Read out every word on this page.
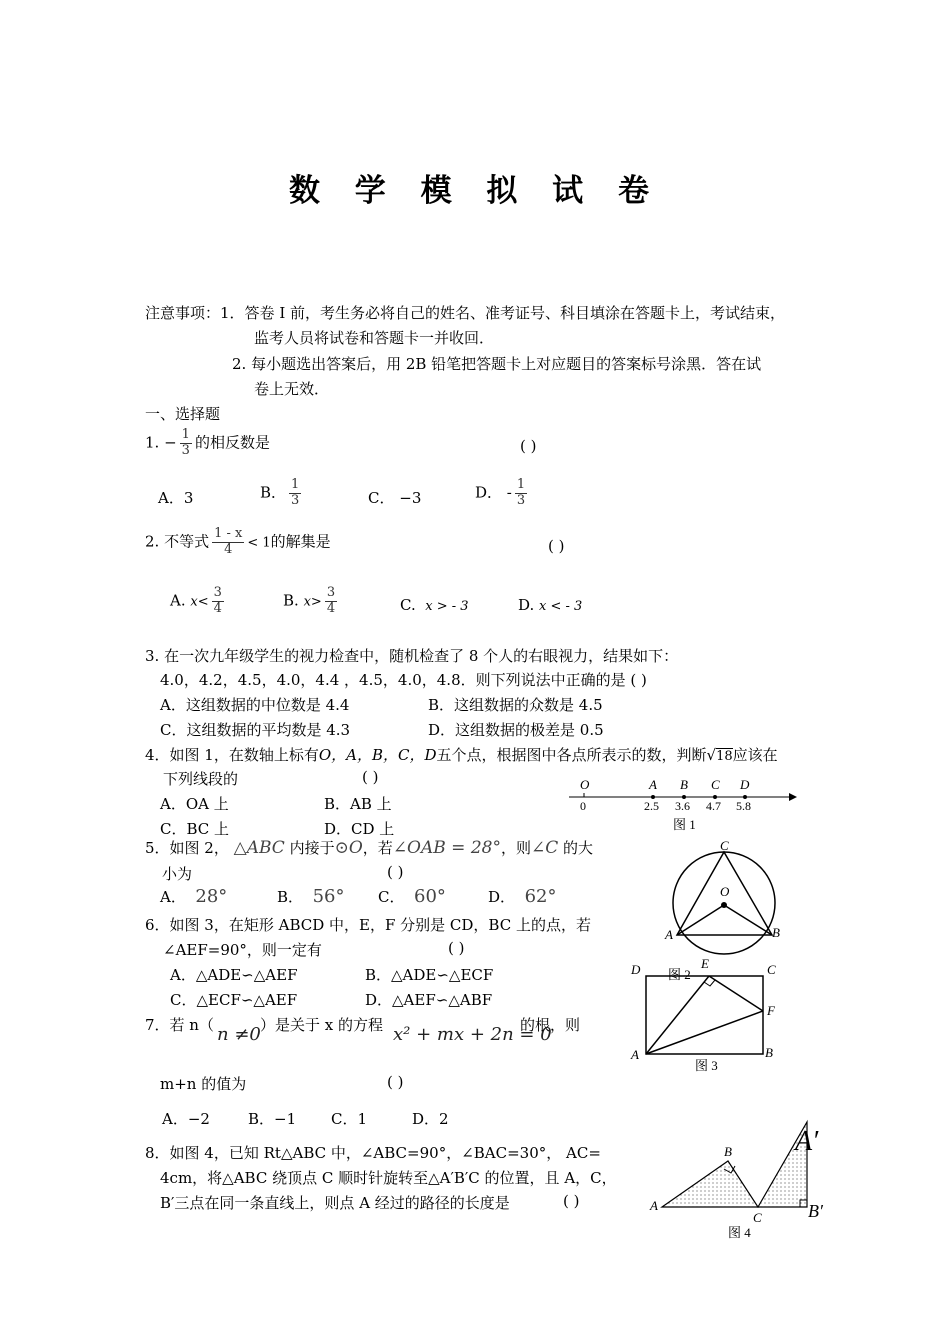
数 学 模 拟 试 卷
注意事项：1．答卷 I 前，考生务必将自己的姓名、准考证号、科目填涂在答题卡上，考试结束，
监考人员将试卷和答题卡一并收回．
2. 每小题选出答案后，用 2B 铅笔把答题卡上对应题目的答案标号涂黑．答在试
卷上无效．
一、选择题
1. − $\frac{1}{3}$ 的相反数是	( )
A．3	B． $\frac{1}{3}$	C． −3	D． - $\frac{1}{3}$
2. 不等式 $\frac{1 - x}{4} < 1$的解集是	( )
A. $x< \frac{3}{4}$	B. $x> \frac{3}{4}$	C. x > - 3	D. x < - 3
3. 在一次九年级学生的视力检查中，随机检查了 8 个人的右眼视力，结果如下：
4.0，4.2，4.5，4.0，4.4 ，4.5，4.0，4.8．则下列说法中正确的是 ( )
A．这组数据的中位数是 4.4	B．这组数据的众数是 4.5
C．这组数据的平均数是 4.3	D．这组数据的极差是 0.5
4．如图 1，在数轴上标有O，A，B，C，D五个点，根据图中各点所表示的数，判断√18应该在
下列线段的	( )
A．OA 上	B．AB 上
C．BC 上	D．CD 上
O
0
A
2.5
B
3.6
C
4.7
D
5.8
图 1
5．如图 2， △ABC 内接于⊙O，若∠OAB = 28°，则∠C 的大
小为	( )
A． 28°	B． 56° C． 60°	D． 62°
C
O
A	B
图 2
6．如图 3，在矩形 ABCD 中，E，F 分别是 CD，BC 上的点，若
∠AEF=90°，则一定有	( )
A．△ADE∽△AEF	B．△ADE∽△ECF
C．△ECF∽△AEF	D．△AEF∽△ABF
D	E	C
F
A	B
图 3
7．若 n（ n ≠0 ）是关于 x 的方程 x² + mx + 2n = 0
的根，则
m+n 的值为	( )
A．−2	B．−1 C．1	D．2
8．如图 4，已知 Rt△ABC 中，∠ABC=90°，∠BAC=30°， AC=
4cm，将△ABC 绕顶点 C 顺时针旋转至△A′B′C 的位置，且 A，C，
B′三点在同一条直线上，则点 A 经过的路径的长度是	( )	A
B
C
A′
B′
图 4
